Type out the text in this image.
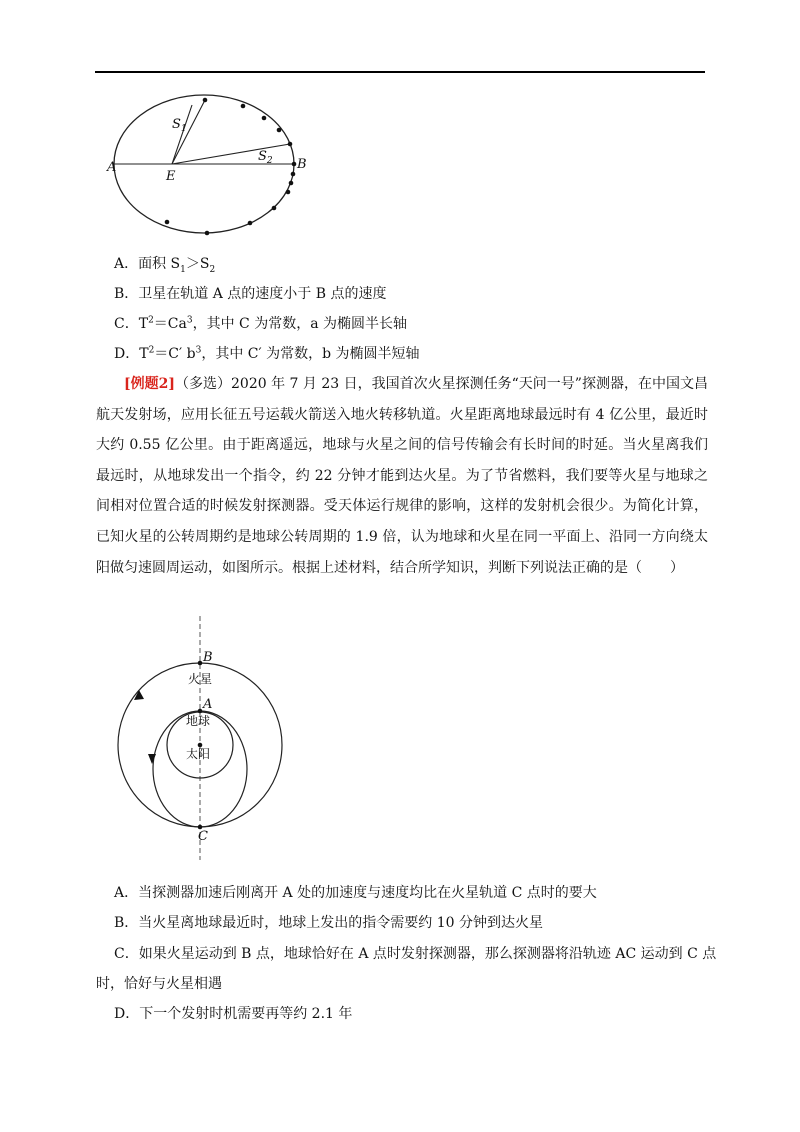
A	B
E
$S_1$
$S_2$
A．面积 $S_1>S_2$
B．卫星在轨道 A 点的速度小于 B 点的速度
C．$T^2=Ca^3$，其中 C 为常数，a 为椭圆半长轴
D．$T^2=C'$ $b^3$，其中 C′ 为常数，b 为椭圆半短轴
[例题2]（多选）2020 年 7 月 23 日，我国首次火星探测任务“天问一号”探测器，在中国文昌航天发射场，应用长征五号运载火箭送入地火转移轨道。火星距离地球最远时有 4 亿公里，最近时大约 0.55 亿公里。由于距离遥远，地球与火星之间的信号传输会有长时间的时延。当火星离我们最远时，从地球发出一个指令，约 22 分钟才能到达火星。为了节省燃料，我们要等火星与地球之间相对位置合适的时候发射探测器。受天体运行规律的影响，这样的发射机会很少。为简化计算，已知火星的公转周期约是地球公转周期的 1.9 倍，认为地球和火星在同一平面上、沿同一方向绕太阳做匀速圆周运动，如图所示。根据上述材料，结合所学知识，判断下列说法正确的是（　　）
B
A
C
火星
地球
太阳
A．当探测器加速后刚离开 A 处的加速度与速度均比在火星轨道 C 点时的要大
B．当火星离地球最近时，地球上发出的指令需要约 10 分钟到达火星
C．如果火星运动到 B 点，地球恰好在 A 点时发射探测器，那么探测器将沿轨迹 AC 运动到 C 点
时，恰好与火星相遇
D．下一个发射时机需要再等约 2.1 年
